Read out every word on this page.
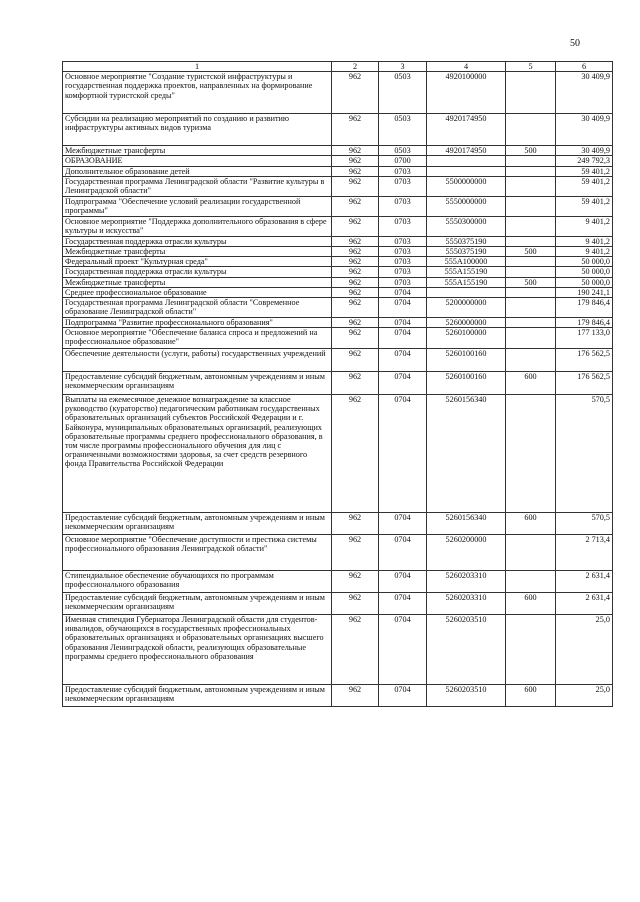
50
1	2	3	4	5	6
Основное мероприятие "Создание туристской инфраструктуры и государственная поддержка проектов, направленных на формирование комфортной туристской среды"	962	0503	4920100000		30 409,9
Субсидии на реализацию мероприятий по созданию и развитию инфраструктуры активных видов туризма	962	0503	4920174950		30 409,9
Межбюджетные трансферты	962	0503	4920174950	500	30 409,9
ОБРАЗОВАНИЕ	962	0700			249 792,3
Дополнительное образование детей	962	0703			59 401,2
Государственная программа Ленинградской области "Развитие культуры в Ленинградской области"	962	0703	5500000000		59 401,2
Подпрограмма "Обеспечение условий реализации государственной программы"	962	0703	5550000000		59 401,2
Основное мероприятие "Поддержка дополнительного образования в сфере культуры и искусства"	962	0703	5550300000		9 401,2
Государственная поддержка отрасли культуры	962	0703	5550375190		9 401,2
Межбюджетные трансферты	962	0703	5550375190	500	9 401,2
Федеральный проект "Культурная среда"	962	0703	555A100000		50 000,0
Государственная поддержка отрасли культуры	962	0703	555A155190		50 000,0
Межбюджетные трансферты	962	0703	555A155190	500	50 000,0
Среднее профессиональное образование	962	0704			190 241,1
Государственная программа Ленинградской области "Современное образование Ленинградской области"	962	0704	5200000000		179 846,4
Подпрограмма "Развитие профессионального образования"	962	0704	5260000000		179 846,4
Основное мероприятие "Обеспечение баланса спроса и предложений на профессиональное образование"	962	0704	5260100000		177 133,0
Обеспечение деятельности (услуги, работы) государственных учреждений	962	0704	5260100160		176 562,5
Предоставление субсидий бюджетным, автономным учреждениям и иным некоммерческим организациям	962	0704	5260100160	600	176 562,5
Выплаты на ежемесячное денежное вознаграждение за классное руководство (кураторство) педагогическим работникам государственных образовательных организаций субъектов Российской Федерации и г. Байконура, муниципальных образовательных организаций, реализующих образовательные программы среднего профессионального образования, в том числе программы профессионального обучения для лиц с ограниченными возможностями здоровья, за счет средств резервного фонда Правительства Российской Федерации	962	0704	5260156340		570,5
Предоставление субсидий бюджетным, автономным учреждениям и иным некоммерческим организациям	962	0704	5260156340	600	570,5
Основное мероприятие "Обеспечение доступности и престижа системы профессионального образования Ленинградской области"	962	0704	5260200000		2 713,4
Стипендиальное обеспечение обучающихся по программам профессионального образования	962	0704	5260203310		2 631,4
Предоставление субсидий бюджетным, автономным учреждениям и иным некоммерческим организациям	962	0704	5260203310	600	2 631,4
Именная стипендия Губернатора Ленинградской области для студентов-инвалидов, обучающихся в государственных профессиональных образовательных организациях и образовательных организациях высшего образования Ленинградской области, реализующих образовательные программы среднего профессионального образования	962	0704	5260203510		25,0
Предоставление субсидий бюджетным, автономным учреждениям и иным некоммерческим организациям	962	0704	5260203510	600	25,0
